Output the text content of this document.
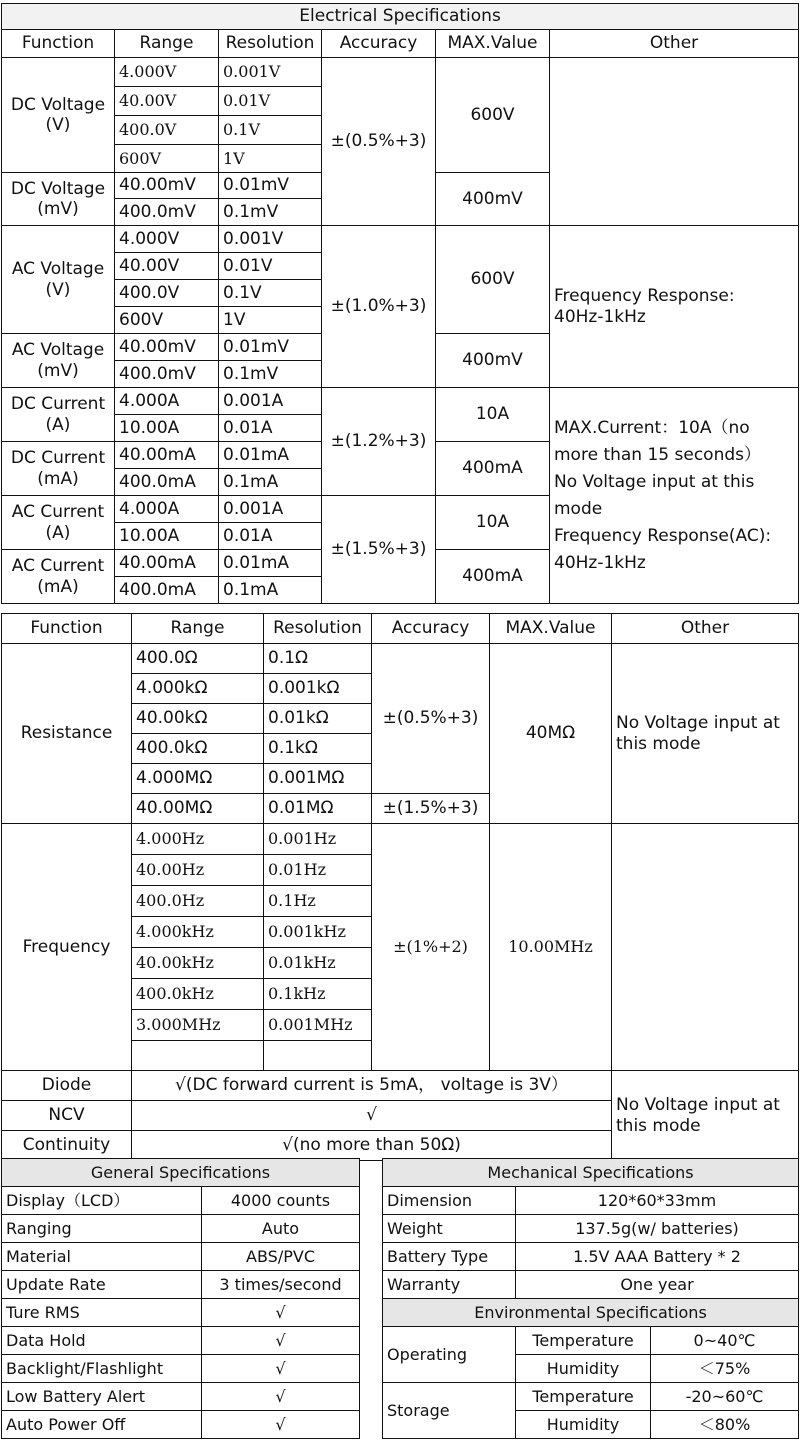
Electrical Specifications					
Function	Range	Resolution	Accuracy	MAX.Value	Other
DC Voltage
(V)	4.000V	0.001V	±(0.5%+3)	600V	
	40.00V	0.01V			
	400.0V	0.1V			
	600V	1V			
DC Voltage
(mV)	40.00mV	0.01mV		400mV	
	400.0mV	0.1mV			
AC Voltage
(V)	4.000V	0.001V	±(1.0%+3)	600V	Frequency Response:
40Hz-1kHz
	40.00V	0.01V			
	400.0V	0.1V			
	600V	1V			
AC Voltage
(mV)	40.00mV	0.01mV		400mV	
	400.0mV	0.1mV			
DC Current
(A)	4.000A	0.001A	±(1.2%+3)	10A	MAX.Current：10A（no more than 15 seconds）
No Voltage input at this mode
Frequency Response(AC):
40Hz-1kHz
	10.00A	0.01A			
DC Current
(mA)	40.00mA	0.01mA		400mA	
	400.0mA	0.1mA			
AC Current
(A)	4.000A	0.001A	±(1.5%+3)	10A	
	10.00A	0.01A			
AC Current
(mA)	40.00mA	0.01mA		400mA	
	400.0mA	0.1mA			
Function	Range	Resolution	Accuracy	MAX.Value	Other
Resistance	400.0Ω	0.1Ω	±(0.5%+3)	40MΩ	No Voltage input at this mode
	4.000kΩ	0.001kΩ			
	40.00kΩ	0.01kΩ			
	400.0kΩ	0.1kΩ			
	4.000MΩ	0.001MΩ			
	40.00MΩ	0.01MΩ	±(1.5%+3)		
Frequency	4.000Hz	0.001Hz	±(1%+2)	10.00MHz	
	40.00Hz	0.01Hz			
	400.0Hz	0.1Hz			
	4.000kHz	0.001kHz			
	40.00kHz	0.01kHz			
	400.0kHz	0.1kHz			
	3.000MHz	0.001MHz			

Diode	√(DC forward current is 5mA， voltage is 3V）				No Voltage input at this mode
NCV	√				
Continuity	√(no more than 50Ω)				
General Specifications	
Display（LCD）	4000 counts
Ranging	Auto
Material	ABS/PVC
Update Rate	3 times/second
Ture RMS	√
Data Hold	√
Backlight/Flashlight	√
Low Battery Alert	√
Auto Power Off	√
Mechanical Specifications		
Dimension	120*60*33mm	
Weight	137.5g(w/ batteries)	
Battery Type	1.5V AAA Battery * 2	
Warranty	One year	
Environmental Specifications		
Operating	Temperature	0~40℃
	Humidity	＜75%
Storage	Temperature	-20~60℃
	Humidity	＜80%
